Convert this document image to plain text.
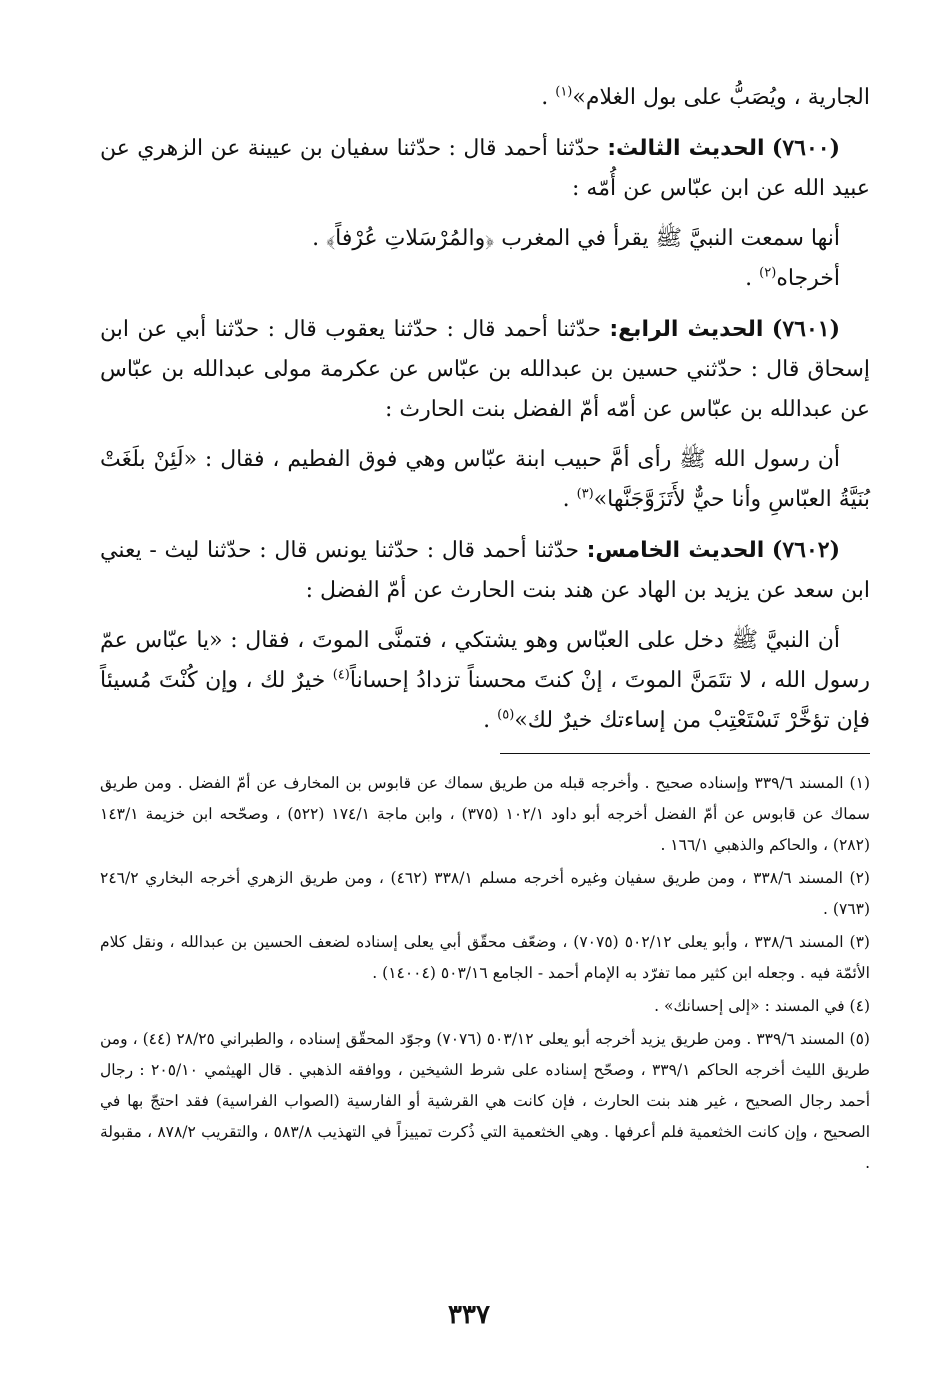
الجارية ، ويُصَبُّ على بول الغلام»$^{(١)}$ .

(٧٦٠٠) الحديث الثالث: حدّثنا أحمد قال : حدّثنا سفيان بن عيينة عن الزهري عن عبيد الله عن ابن عبّاس عن أُمّه :

أنها سمعت النبيَّ ﷺ يقرأ في المغرب ﴿والمُرْسَلاتِ عُرْفاً﴾ .

أخرجاه$^{(٢)}$ .

(٧٦٠١) الحديث الرابع: حدّثنا أحمد قال : حدّثنا يعقوب قال : حدّثنا أبي عن ابن إسحاق قال : حدّثني حسين بن عبدالله بن عبّاس عن عكرمة مولى عبدالله بن عبّاس عن عبدالله بن عبّاس عن أمّه أمّ الفضل بنت الحارث :

أن رسول الله ﷺ رأى أمَّ حبيب ابنة عبّاس وهي فوق الفطيم ، فقال : «لَئِنْ بلَغَتْ بُنَيَّةُ العبّاسِ وأنا حيٌّ لأَتَزَوَّجَنَّها»$^{(٣)}$ .

(٧٦٠٢) الحديث الخامس: حدّثنا أحمد قال : حدّثنا يونس قال : حدّثنا ليث - يعني ابن سعد عن يزيد بن الهاد عن هند بنت الحارث عن أمّ الفضل :

أن النبيَّ ﷺ دخل على العبّاس وهو يشتكي ، فتمنَّى الموتَ ، فقال : «يا عبّاس عمّ رسول الله ، لا تتَمَنَّ الموتَ ، إنْ كنتَ محسناً تزدادُ إحساناً$^{(٤)}$ خيرٌ لك ، وإن كُنْتَ مُسيئاً فإن تؤخَّرْ تَسْتَعْتِبْ من إساءتك خيرٌ لك»$^{(٥)}$ .

(١) المسند ٣٣٩/٦ وإسناده صحيح . وأخرجه قبله من طريق سماك عن قابوس بن المخارف عن أمّ الفضل . ومن طريق سماك عن قابوس عن أمّ الفضل أخرجه أبو داود ١٠٢/١ (٣٧٥) ، وابن ماجة ١٧٤/١ (٥٢٢) ، وصحّحه ابن خزيمة ١٤٣/١ (٢٨٢) ، والحاكم والذهبي ١٦٦/١ .

(٢) المسند ٣٣٨/٦ ، ومن طريق سفيان وغيره أخرجه مسلم ٣٣٨/١ (٤٦٢) ، ومن طريق الزهري أخرجه البخاري ٢٤٦/٢ (٧٦٣) .

(٣) المسند ٣٣٨/٦ ، وأبو يعلى ٥٠٢/١٢ (٧٠٧٥) ، وضعّف محقّق أبي يعلى إسناده لضعف الحسين بن عبدالله ، ونقل كلام الأئمّة فيه . وجعله ابن كثير مما تفرّد به الإمام أحمد - الجامع ٥٠٣/١٦ (١٤٠٠٤) .

(٤) في المسند : «إلى إحسانك» .

(٥) المسند ٣٣٩/٦ . ومن طريق يزيد أخرجه أبو يعلى ٥٠٣/١٢ (٧٠٧٦) وجوّد المحقّق إسناده ، والطبراني ٢٨/٢٥ (٤٤) ، ومن طريق الليث أخرجه الحاكم ٣٣٩/١ ، وصحّح إسناده على شرط الشيخين ، ووافقه الذهبي . قال الهيثمي ٢٠٥/١٠ : رجال أحمد رجال الصحيح ، غير هند بنت الحارث ، فإن كانت هي القرشية أو الفارسية (الصواب الفراسية) فقد احتجّ بها في الصحيح ، وإن كانت الخثعمية فلم أعرفها . وهي الخثعمية التي ذُكرت تمييزاً في التهذيب ٥٨٣/٨ ، والتقريب ٨٧٨/٢ ، مقبولة .

٣٣٧
